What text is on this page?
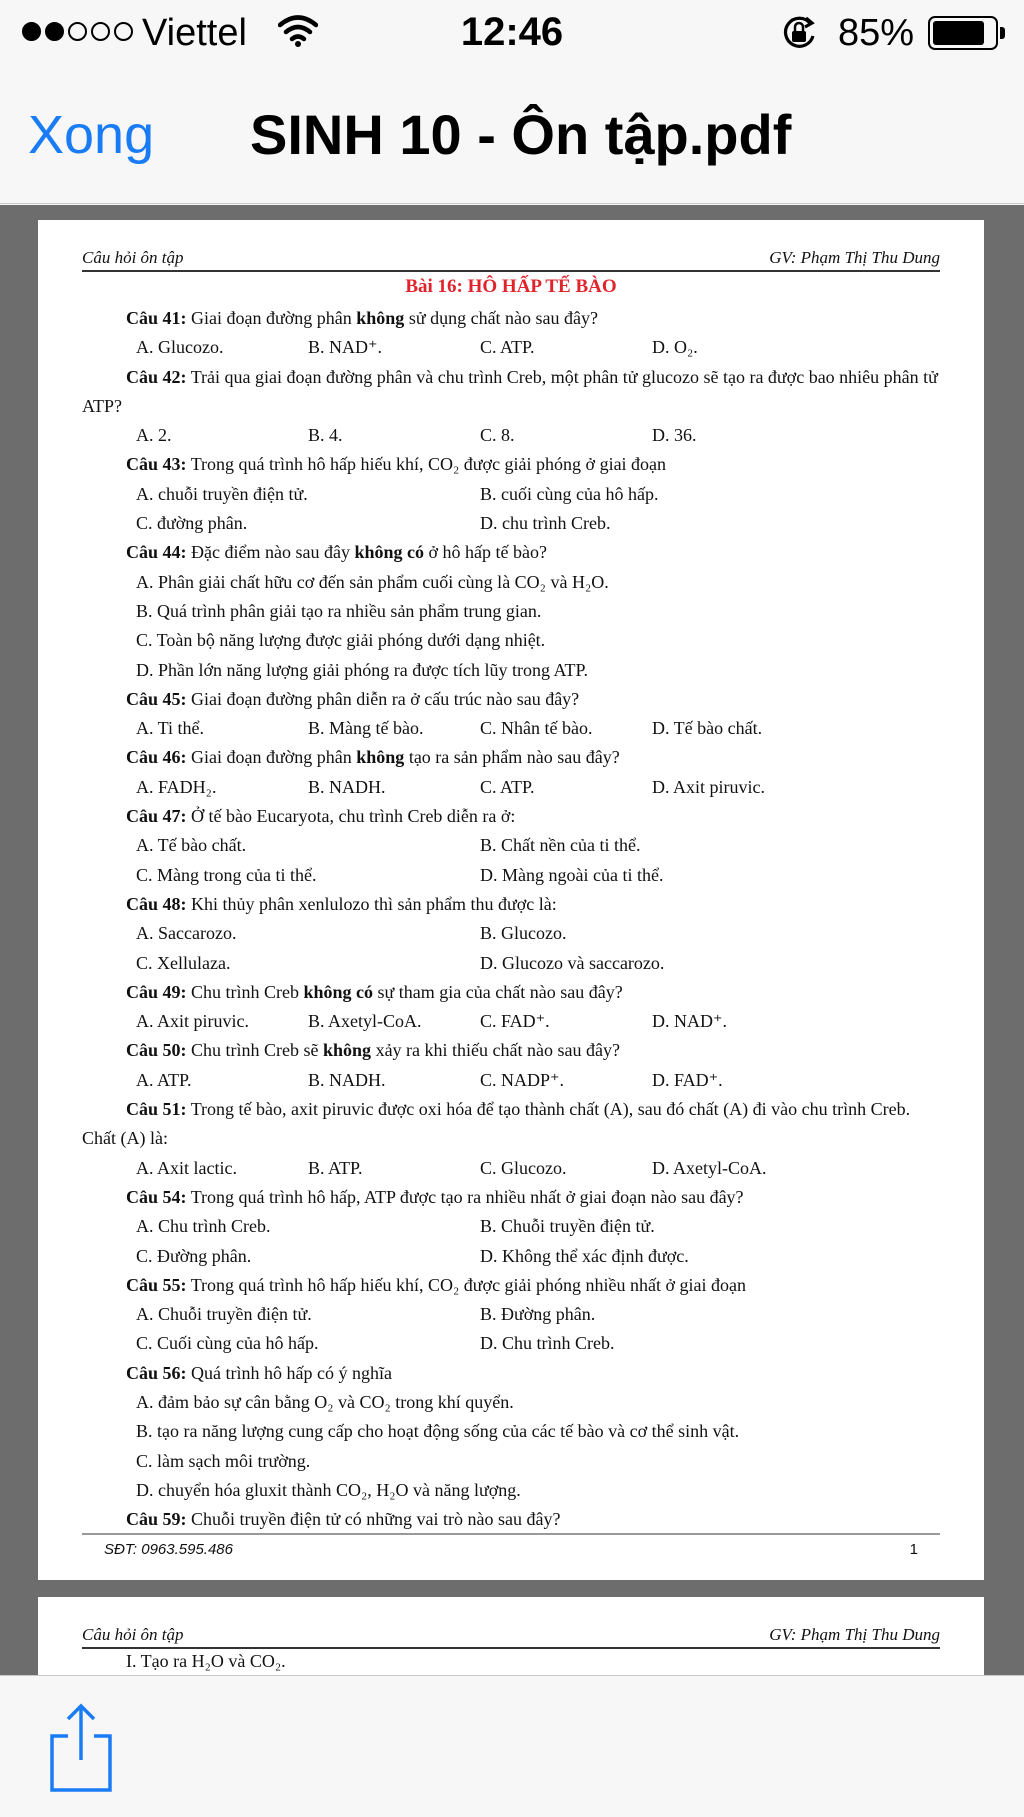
Viettel	12:46	85%
Xong SINH 10 - Ôn tập.pdf
Câu hỏi ôn tập	GV: Phạm Thị Thu Dung
Bài 16: HÔ HẤP TẾ BÀO
Câu 41: Giai đoạn đường phân không sử dụng chất nào sau đây?
A. Glucozo.	B. NAD⁺.	C. ATP.	D. O₂.
Câu 42: Trải qua giai đoạn đường phân và chu trình Creb, một phân tử glucozo sẽ tạo ra được bao nhiêu phân tử ATP?
A. 2.	B. 4.	C. 8.	D. 36.
Câu 43: Trong quá trình hô hấp hiếu khí, CO₂ được giải phóng ở giai đoạn
A. chuỗi truyền điện tử.	B. cuối cùng của hô hấp.
C. đường phân.	D. chu trình Creb.
Câu 44: Đặc điểm nào sau đây không có ở hô hấp tế bào?
A. Phân giải chất hữu cơ đến sản phẩm cuối cùng là CO₂ và H₂O.
B. Quá trình phân giải tạo ra nhiều sản phẩm trung gian.
C. Toàn bộ năng lượng được giải phóng dưới dạng nhiệt.
D. Phần lớn năng lượng giải phóng ra được tích lũy trong ATP.
Câu 45: Giai đoạn đường phân diễn ra ở cấu trúc nào sau đây?
A. Ti thể.	B. Màng tế bào.	C. Nhân tế bào.	D. Tế bào chất.
Câu 46: Giai đoạn đường phân không tạo ra sản phẩm nào sau đây?
A. FADH₂.	B. NADH.	C. ATP.	D. Axit piruvic.
Câu 47: Ở tế bào Eucaryota, chu trình Creb diễn ra ở:
A. Tế bào chất.	B. Chất nền của ti thể.
C. Màng trong của ti thể.	D. Màng ngoài của ti thể.
Câu 48: Khi thủy phân xenlulozo thì sản phẩm thu được là:
A. Saccarozo.	B. Glucozo.
C. Xellulaza.	D. Glucozo và saccarozo.
Câu 49: Chu trình Creb không có sự tham gia của chất nào sau đây?
A. Axit piruvic.	B. Axetyl-CoA.	C. FAD⁺.	D. NAD⁺.
Câu 50: Chu trình Creb sẽ không xảy ra khi thiếu chất nào sau đây?
A. ATP.	B. NADH.	C. NADP⁺.	D. FAD⁺.
Câu 51: Trong tế bào, axit piruvic được oxi hóa để tạo thành chất (A), sau đó chất (A) đi vào chu trình Creb. Chất (A) là:
A. Axit lactic.	B. ATP.	C. Glucozo.	D. Axetyl-CoA.
Câu 54: Trong quá trình hô hấp, ATP được tạo ra nhiều nhất ở giai đoạn nào sau đây?
A. Chu trình Creb.	B. Chuỗi truyền điện tử.
C. Đường phân.	D. Không thể xác định được.
Câu 55: Trong quá trình hô hấp hiếu khí, CO₂ được giải phóng nhiều nhất ở giai đoạn
A. Chuỗi truyền điện tử.	B. Đường phân.
C. Cuối cùng của hô hấp.	D. Chu trình Creb.
Câu 56: Quá trình hô hấp có ý nghĩa
A. đảm bảo sự cân bằng O₂ và CO₂ trong khí quyển.
B. tạo ra năng lượng cung cấp cho hoạt động sống của các tế bào và cơ thể sinh vật.
C. làm sạch môi trường.
D. chuyển hóa gluxit thành CO₂, H₂O và năng lượng.
Câu 59: Chuỗi truyền điện tử có những vai trò nào sau đây?
SĐT: 0963.595.486	1
Câu hỏi ôn tập	GV: Phạm Thị Thu Dung
I. Tạo ra H₂O và CO₂.
